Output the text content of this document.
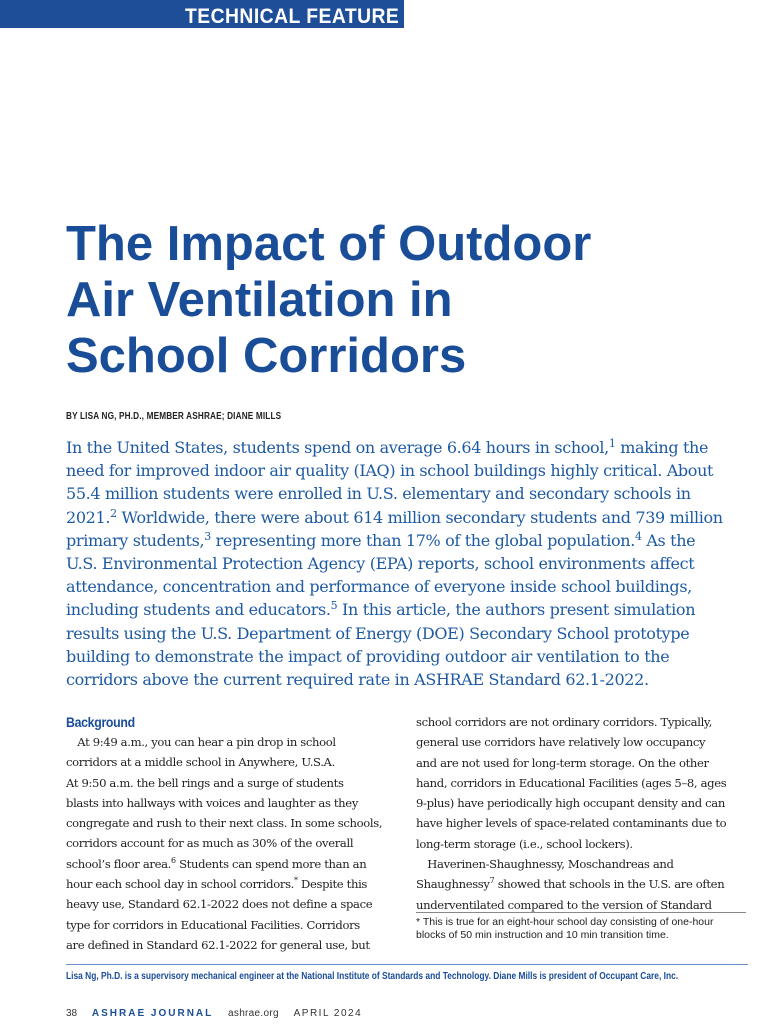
TECHNICAL FEATURE
The Impact of Outdoor
Air Ventilation in
School Corridors
BY LISA NG, PH.D., MEMBER ASHRAE; DIANE MILLS

In the United States, students spend on average 6.64 hours in school,$^1$ making the
need for improved indoor air quality (IAQ) in school buildings highly critical. About
55.4 million students were enrolled in U.S. elementary and secondary schools in
2021.$^2$ Worldwide, there were about 614 million secondary students and 739 million
primary students,$^3$ representing more than 17% of the global population.$^4$ As the
U.S. Environmental Protection Agency (EPA) reports, school environments affect
attendance, concentration and performance of everyone inside school buildings,
including students and educators.$^5$ In this article, the authors present simulation
results using the U.S. Department of Energy (DOE) Secondary School prototype
building to demonstrate the impact of providing outdoor air ventilation to the
corridors above the current required rate in ASHRAE Standard 62.1-2022.

Background
 At 9:49 a.m., you can hear a pin drop in school
corridors at a middle school in Anywhere, U.S.A.
At 9:50 a.m. the bell rings and a surge of students
blasts into hallways with voices and laughter as they
congregate and rush to their next class. In some schools,
corridors account for as much as 30% of the overall
school’s floor area.$^6$ Students can spend more than an
hour each school day in school corridors.* Despite this
heavy use, Standard 62.1-2022 does not define a space
type for corridors in Educational Facilities. Corridors
are defined in Standard 62.1-2022 for general use, but
school corridors are not ordinary corridors. Typically,
general use corridors have relatively low occupancy
and are not used for long-term storage. On the other
hand, corridors in Educational Facilities (ages 5–8, ages
9-plus) have periodically high occupant density and can
have higher levels of space-related contaminants due to
long-term storage (i.e., school lockers).
 Haverinen-Shaughnessy, Moschandreas and
Shaughnessy$^7$ showed that schools in the U.S. are often
underventilated compared to the version of Standard
* This is true for an eight-hour school day consisting of one-hour
blocks of 50 min instruction and 10 min transition time.
Lisa Ng, Ph.D. is a supervisory mechanical engineer at the National Institute of Standards and Technology. Diane Mills is president of Occupant Care, Inc.
38 ASHRAE JOURNAL ashrae.org APRIL 2024
